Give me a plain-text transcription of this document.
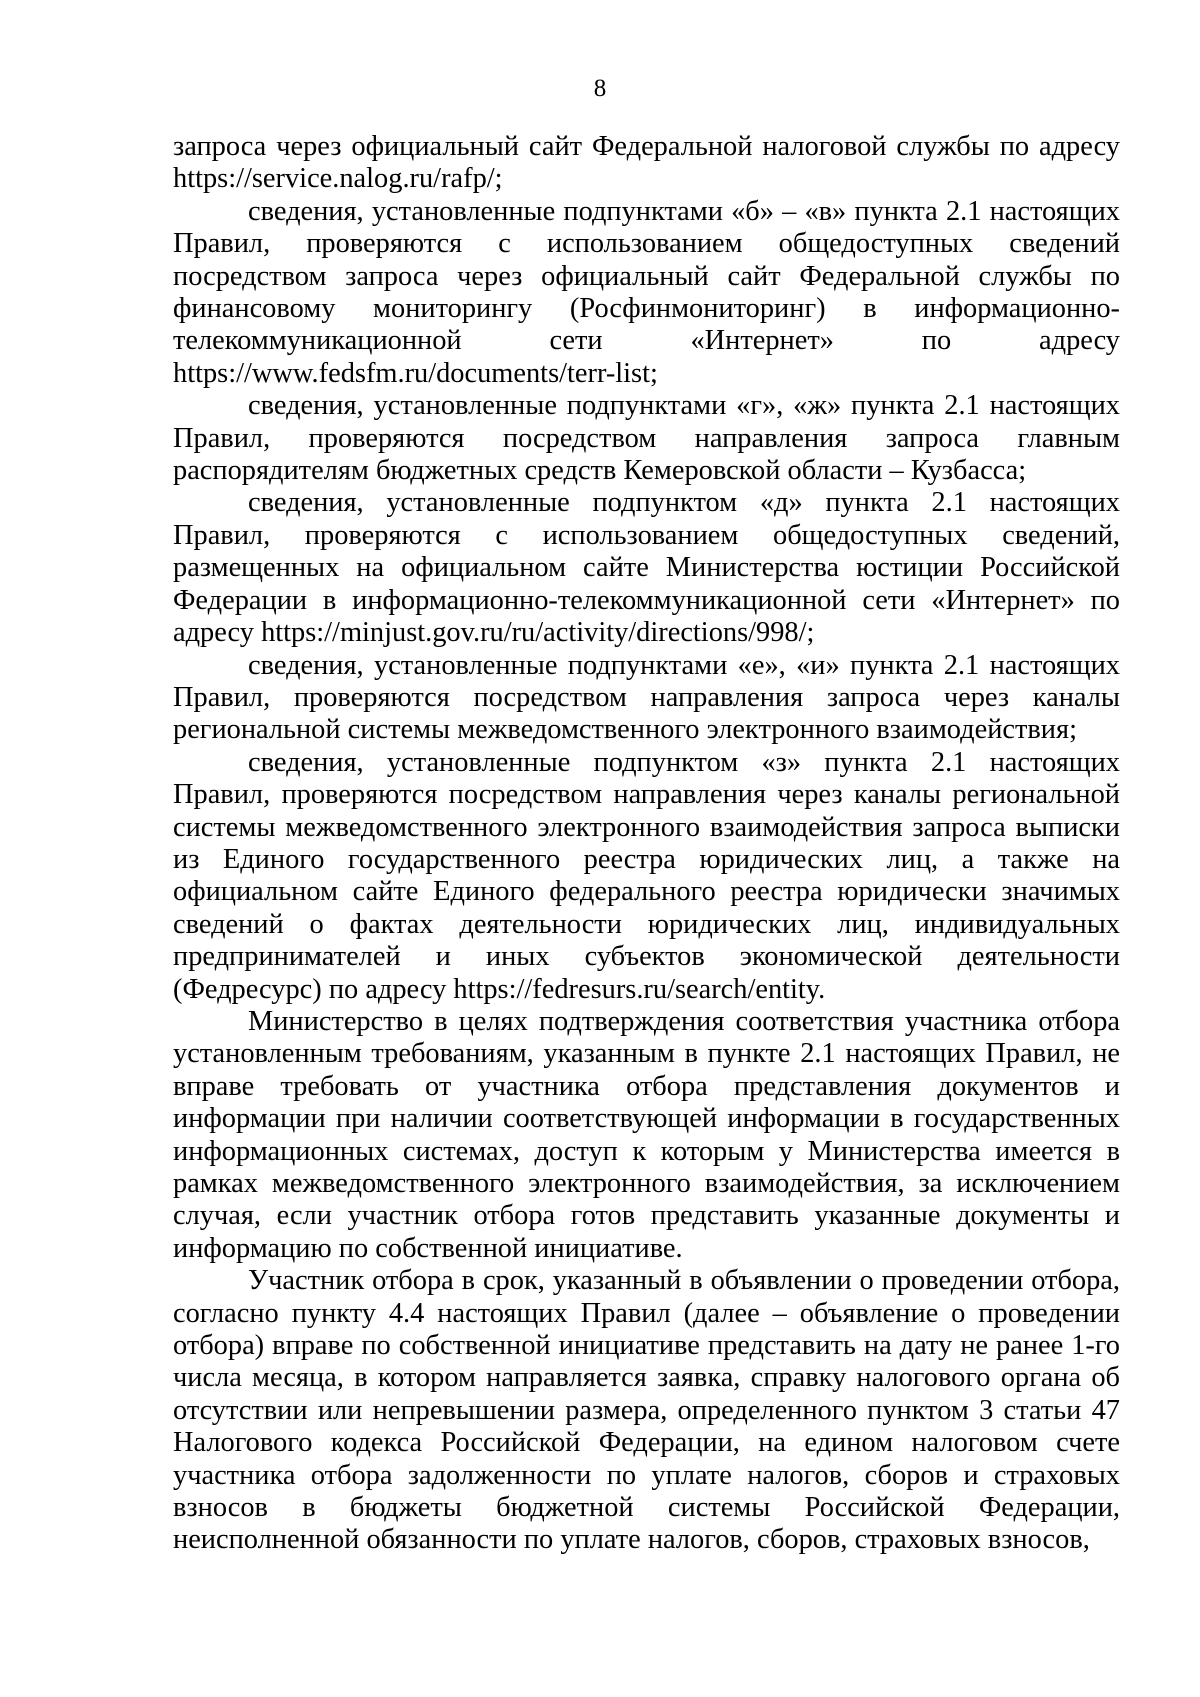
8

запроса через официальный сайт Федеральной налоговой службы по адресу https://service.nalog.ru/rafp/;

сведения, установленные подпунктами «б» – «в» пункта 2.1 настоящих Правил, проверяются с использованием общедоступных сведений посредством запроса через официальный сайт Федеральной службы по финансовому мониторингу (Росфинмониторинг) в информационно-телекоммуникационной сети «Интернет» по адресу https://www.fedsfm.ru/documents/terr-list;

сведения, установленные подпунктами «г», «ж» пункта 2.1 настоящих Правил, проверяются посредством направления запроса главным распорядителям бюджетных средств Кемеровской области – Кузбасса;

сведения, установленные подпунктом «д» пункта 2.1 настоящих Правил, проверяются с использованием общедоступных сведений, размещенных на официальном сайте Министерства юстиции Российской Федерации в информационно-телекоммуникационной сети «Интернет» по адресу https://minjust.gov.ru/ru/activity/directions/998/;

сведения, установленные подпунктами «е», «и» пункта 2.1 настоящих Правил, проверяются посредством направления запроса через каналы региональной системы межведомственного электронного взаимодействия;

сведения, установленные подпунктом «з» пункта 2.1 настоящих Правил, проверяются посредством направления через каналы региональной системы межведомственного электронного взаимодействия запроса выписки из Единого государственного реестра юридических лиц, а также на официальном сайте Единого федерального реестра юридически значимых сведений о фактах деятельности юридических лиц, индивидуальных предпринимателей и иных субъектов экономической деятельности (Федресурс) по адресу https://fedresurs.ru/search/entity.

Министерство в целях подтверждения соответствия участника отбора установленным требованиям, указанным в пункте 2.1 настоящих Правил, не вправе требовать от участника отбора представления документов и информации при наличии соответствующей информации в государственных информационных системах, доступ к которым у Министерства имеется в рамках межведомственного электронного взаимодействия, за исключением случая, если участник отбора готов представить указанные документы и информацию по собственной инициативе.

Участник отбора в срок, указанный в объявлении о проведении отбора, согласно пункту 4.4 настоящих Правил (далее – объявление о проведении отбора) вправе по собственной инициативе представить на дату не ранее 1-го числа месяца, в котором направляется заявка, справку налогового органа об отсутствии или непревышении размера, определенного пунктом 3 статьи 47 Налогового кодекса Российской Федерации, на едином налоговом счете участника отбора задолженности по уплате налогов, сборов и страховых взносов в бюджеты бюджетной системы Российской Федерации, неисполненной обязанности по уплате налогов, сборов, страховых взносов,
